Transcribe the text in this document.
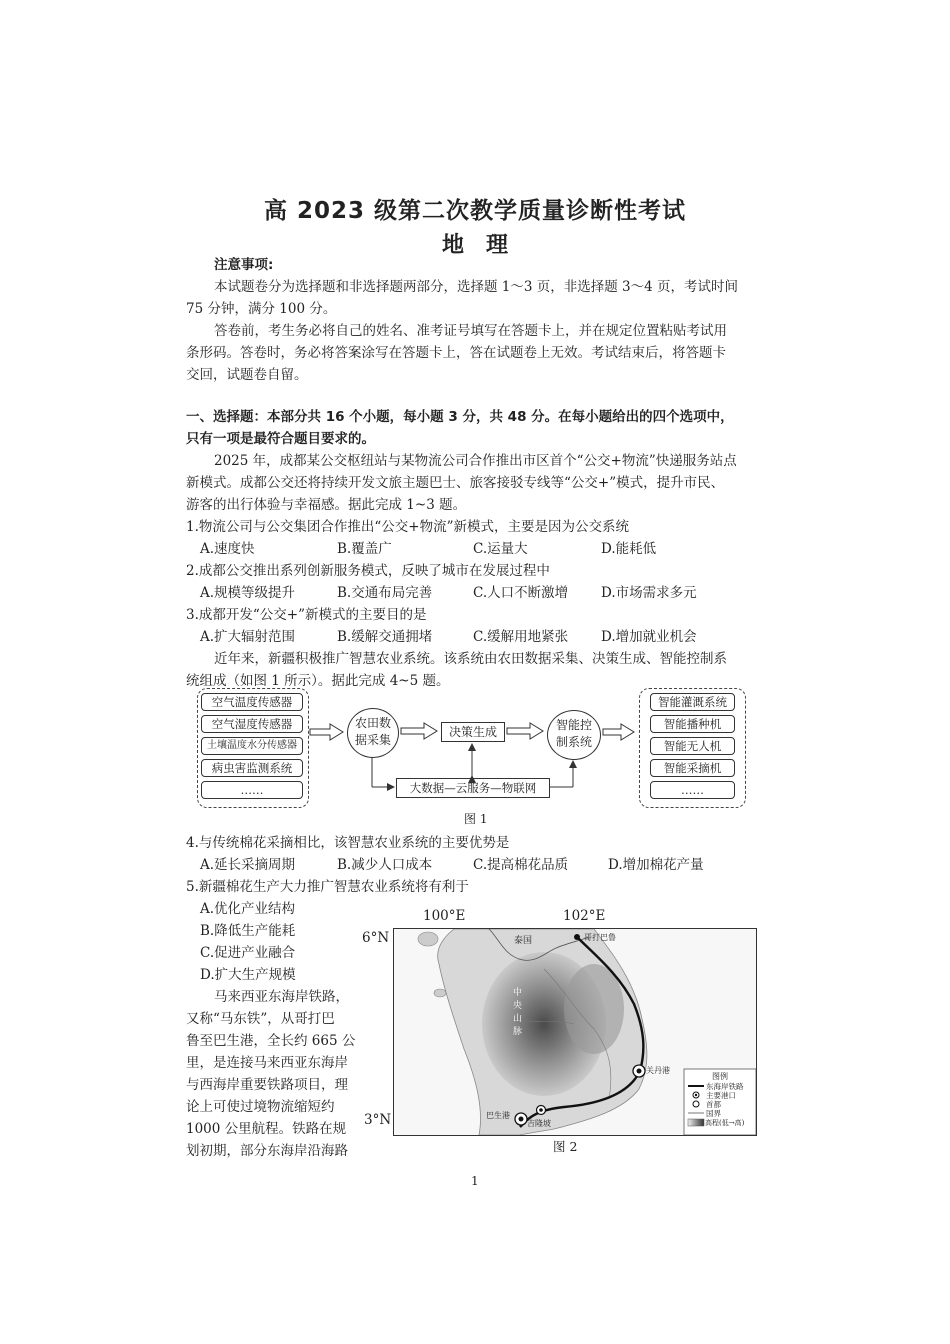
高 2023 级第二次教学质量诊断性考试
地　理
注意事项:
本试题卷分为选择题和非选择题两部分，选择题 1～3 页，非选择题 3～4 页，考试时间
75 分钟，满分 100 分。
答卷前，考生务必将自己的姓名、准考证号填写在答题卡上，并在规定位置粘贴考试用
条形码。答卷时，务必将答案涂写在答题卡上，答在试题卷上无效。考试结束后，将答题卡
交回，试题卷自留。
一、选择题：本部分共 16 个小题，每小题 3 分，共 48 分。在每小题给出的四个选项中，
只有一项是最符合题目要求的。
2025 年，成都某公交枢纽站与某物流公司合作推出市区首个“公交+物流”快递服务站点
新模式。成都公交还将持续开发文旅主题巴士、旅客接驳专线等“公交+”模式，提升市民、
游客的出行体验与幸福感。据此完成 1~3 题。
1.物流公司与公交集团合作推出“公交+物流”新模式，主要是因为公交系统
A.速度快	B.覆盖广	C.运量大	D.能耗低
2.成都公交推出系列创新服务模式，反映了城市在发展过程中
A.规模等级提升	B.交通布局完善	C.人口不断激增 D.市场需求多元
3.成都开发“公交+”新模式的主要目的是
A.扩大辐射范围	B.缓解交通拥堵	C.缓解用地紧张 D.增加就业机会
近年来，新疆积极推广智慧农业系统。该系统由农田数据采集、决策生成、智能控制系
统组成（如图 1 所示）。据此完成 4~5 题。
空气温度传感器
空气湿度传感器
土壤温度水分传感器
病虫害监测系统
……
农田数
据采集
决策生成	智能控
制系统
大数据—云服务—物联网
智能灌溉系统
智能播种机
智能无人机
智能采摘机
……
图 1
4.与传统棉花采摘相比，该智慧农业系统的主要优势是
A.延长采摘周期	B.减少人口成本	C.提高棉花品质	D.增加棉花产量
5.新疆棉花生产大力推广智慧农业系统将有利于
A.优化产业结构
B.降低生产能耗
C.促进产业融合
D.扩大生产规模
马来西亚东海岸铁路，
又称“马东铁”，从哥打巴
鲁至巴生港，全长约 665 公
里，是连接马来西亚东海岸
与西海岸重要铁路项目，理
论上可使过境物流缩短约
1000 公里航程。铁路在规
划初期，部分东海岸沿海路
100°E	102°E
6°N
3°N
泰国	哥打巴鲁
关丹港
巴生港
吉隆坡
中央山脉
图例
东海岸铁路
主要港口
首都
国界
高程(低→高)
图 2
1
